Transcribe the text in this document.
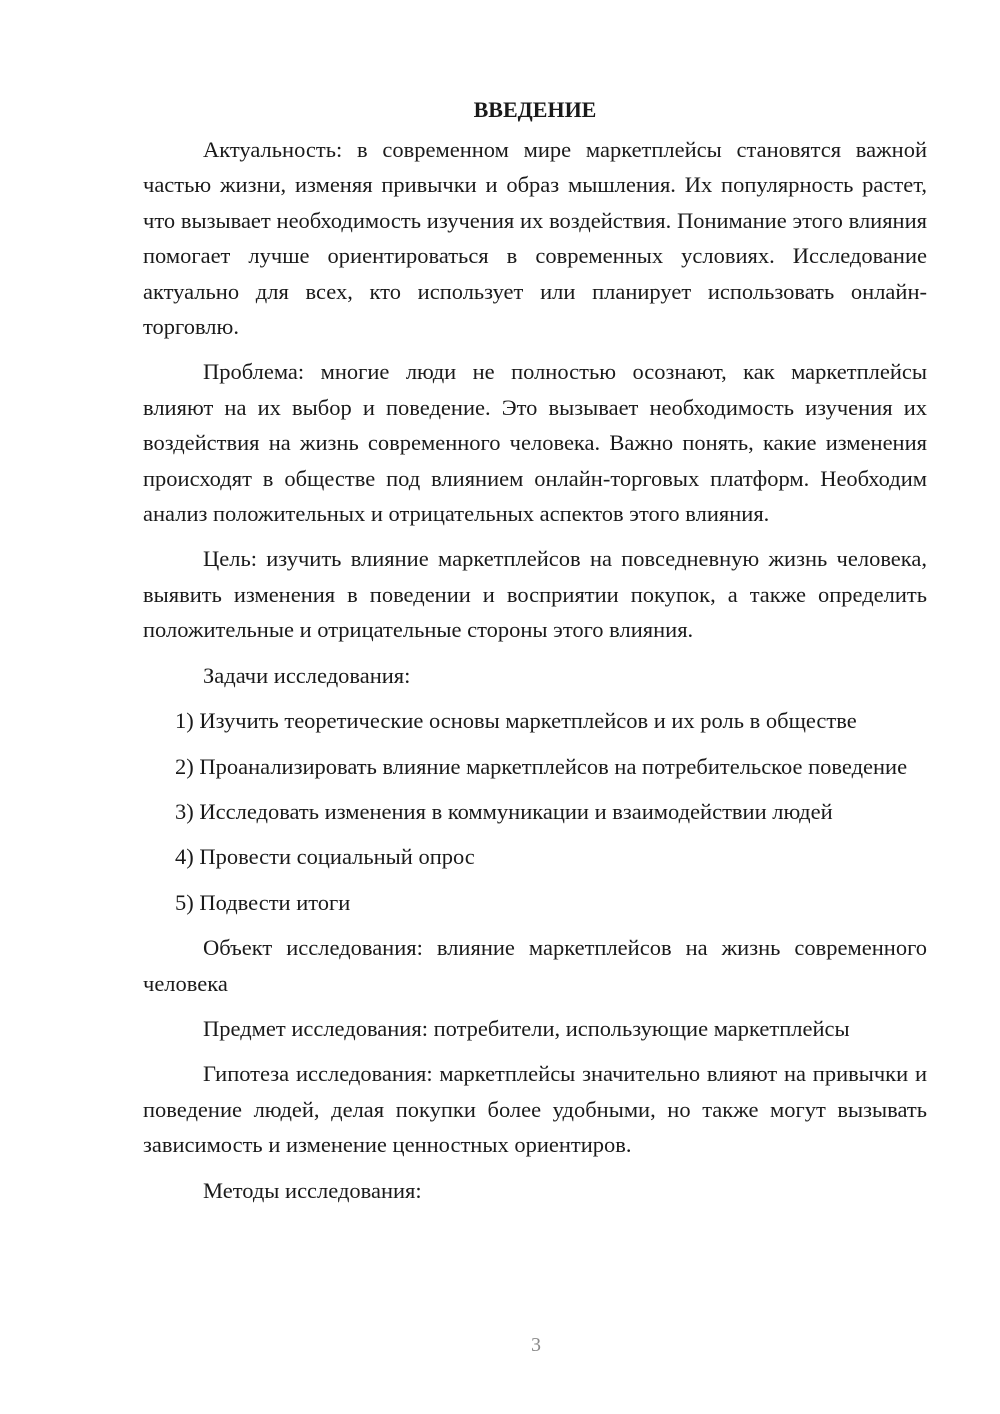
ВВЕДЕНИЕ

Актуальность: в современном мире маркетплейсы становятся важной частью жизни, изменяя привычки и образ мышления. Их популярность растет, что вызывает необходимость изучения их воздействия. Понимание этого влияния помогает лучше ориентироваться в современных условиях. Исследование актуально для всех, кто использует или планирует использовать онлайн-торговлю.

Проблема: многие люди не полностью осознают, как маркетплейсы влияют на их выбор и поведение. Это вызывает необходимость изучения их воздействия на жизнь современного человека. Важно понять, какие изменения происходят в обществе под влиянием онлайн-торговых платформ. Необходим анализ положительных и отрицательных аспектов этого влияния.

Цель: изучить влияние маркетплейсов на повседневную жизнь человека, выявить изменения в поведении и восприятии покупок, а также определить положительные и отрицательные стороны этого влияния.

Задачи исследования:

1) Изучить теоретические основы маркетплейсов и их роль в обществе

2) Проанализировать влияние маркетплейсов на потребительское поведение

3) Исследовать изменения в коммуникации и взаимодействии людей

4) Провести социальный опрос

5) Подвести итоги

Объект исследования: влияние маркетплейсов на жизнь современного человека

Предмет исследования: потребители, использующие маркетплейсы

Гипотеза исследования: маркетплейсы значительно влияют на привычки и поведение людей, делая покупки более удобными, но также могут вызывать зависимость и изменение ценностных ориентиров.

Методы исследования:

3
